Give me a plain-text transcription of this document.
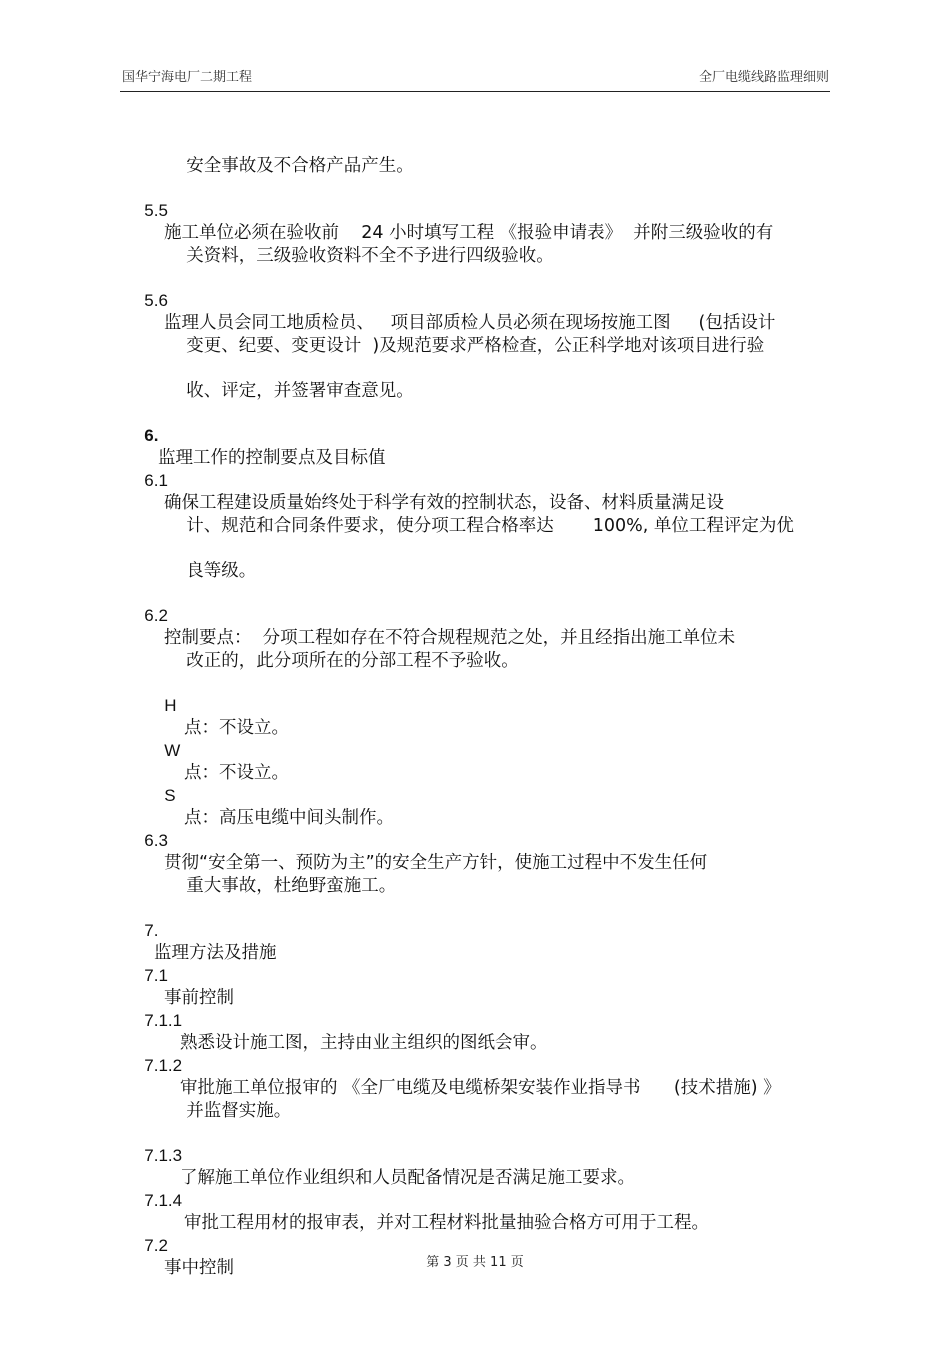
国华宁海电厂二期工程	全厂电缆线路监理细则

安全事故及不合格产品产生。

5.5

施工单位必须在验收前    24 小时填写工程 《报验申请表》  并附三级验收的有

关资料，三级验收资料不全不予进行四级验收。

5.6

监理人员会同工地质检员、   项目部质检人员必须在现场按施工图     (包括设计

变更、纪要、变更设计  )及规范要求严格检查，公正科学地对该项目进行验

收、评定，并签署审查意见。

6.

监理工作的控制要点及目标值

6.1

确保工程建设质量始终处于科学有效的控制状态，设备、材料质量满足设

计、规范和合同条件要求，使分项工程合格率达       100%, 单位工程评定为优

良等级。

6.2

控制要点：  分项工程如存在不符合规程规范之处，并且经指出施工单位未

改正的，此分项所在的分部工程不予验收。

H

点：不设立。

W

点：不设立。

S

点：高压电缆中间头制作。

6.3

贯彻“安全第一、预防为主”的安全生产方针，使施工过程中不发生任何

重大事故，杜绝野蛮施工。

7.

监理方法及措施

7.1

事前控制

7.1.1

熟悉设计施工图，主持由业主组织的图纸会审。

7.1.2

审批施工单位报审的 《全厂电缆及电缆桥架安装作业指导书      (技术措施) 》

并监督实施。

7.1.3

了解施工单位作业组织和人员配备情况是否满足施工要求。

7.1.4

审批工程用材的报审表，并对工程材料批量抽验合格方可用于工程。

7.2

事中控制

	第 3 页 共 11 页
